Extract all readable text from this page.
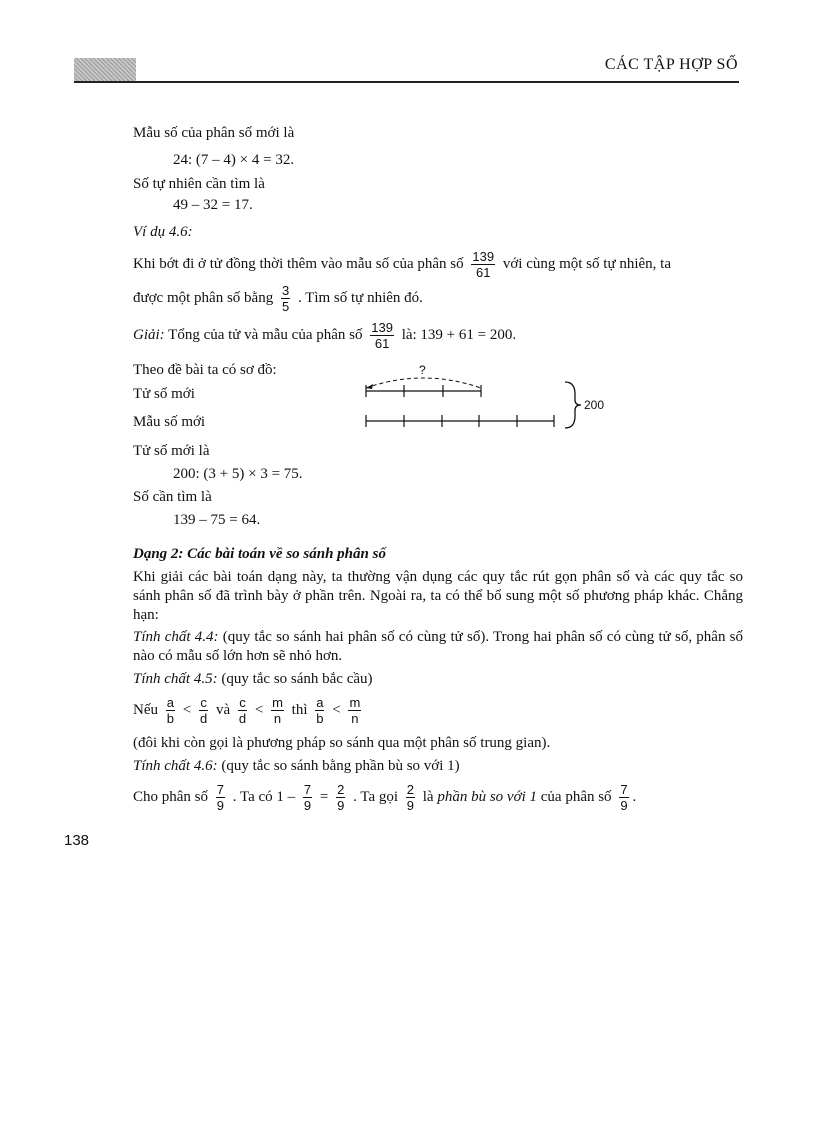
CÁC TẬP HỢP SỐ
Mẫu số của phân số mới là
24: (7 – 4) × 4 = 32.
Số tự nhiên cần tìm là
49 – 32 = 17.
Ví dụ 4.6:
Khi bớt đi ở tử đồng thời thêm vào mẫu số của phân số $\frac{139}{61}$ với cùng một số tự nhiên, ta
được một phân số bằng $\frac{3}{5}$ . Tìm số tự nhiên đó.
Giải: Tổng của tử và mẫu của phân số $\frac{139}{61}$ là: 139 + 61 = 200.
Theo đề bài ta có sơ đồ:
Tử số mới
Mẫu số mới
?
200
Tử số mới là
200: (3 + 5) × 3 = 75.
Số cần tìm là
139 – 75 = 64.
Dạng 2: Các bài toán về so sánh phân số
Khi giải các bài toán dạng này, ta thường vận dụng các quy tắc rút gọn phân số và các quy tắc so sánh phân số đã trình bày ở phần trên. Ngoài ra, ta có thể bổ sung một số phương pháp khác. Chẳng hạn:
Tính chất 4.4: (quy tắc so sánh hai phân số có cùng tử số). Trong hai phân số có cùng tử số, phân số nào có mẫu số lớn hơn sẽ nhỏ hơn.
Tính chất 4.5: (quy tắc so sánh bắc cầu)
Nếu $\frac{a}{b} < \frac{c}{d}$ và $\frac{c}{d} < \frac{m}{n}$ thì $\frac{a}{b} < \frac{m}{n}$
(đôi khi còn gọi là phương pháp so sánh qua một phân số trung gian).
Tính chất 4.6: (quy tắc so sánh bằng phần bù so với 1)
Cho phân số $\frac{7}{9}$ . Ta có $1 - \frac{7}{9} = \frac{2}{9}$ . Ta gọi $\frac{2}{9}$ là phần bù so với 1 của phân số $\frac{7}{9}$ .
138
